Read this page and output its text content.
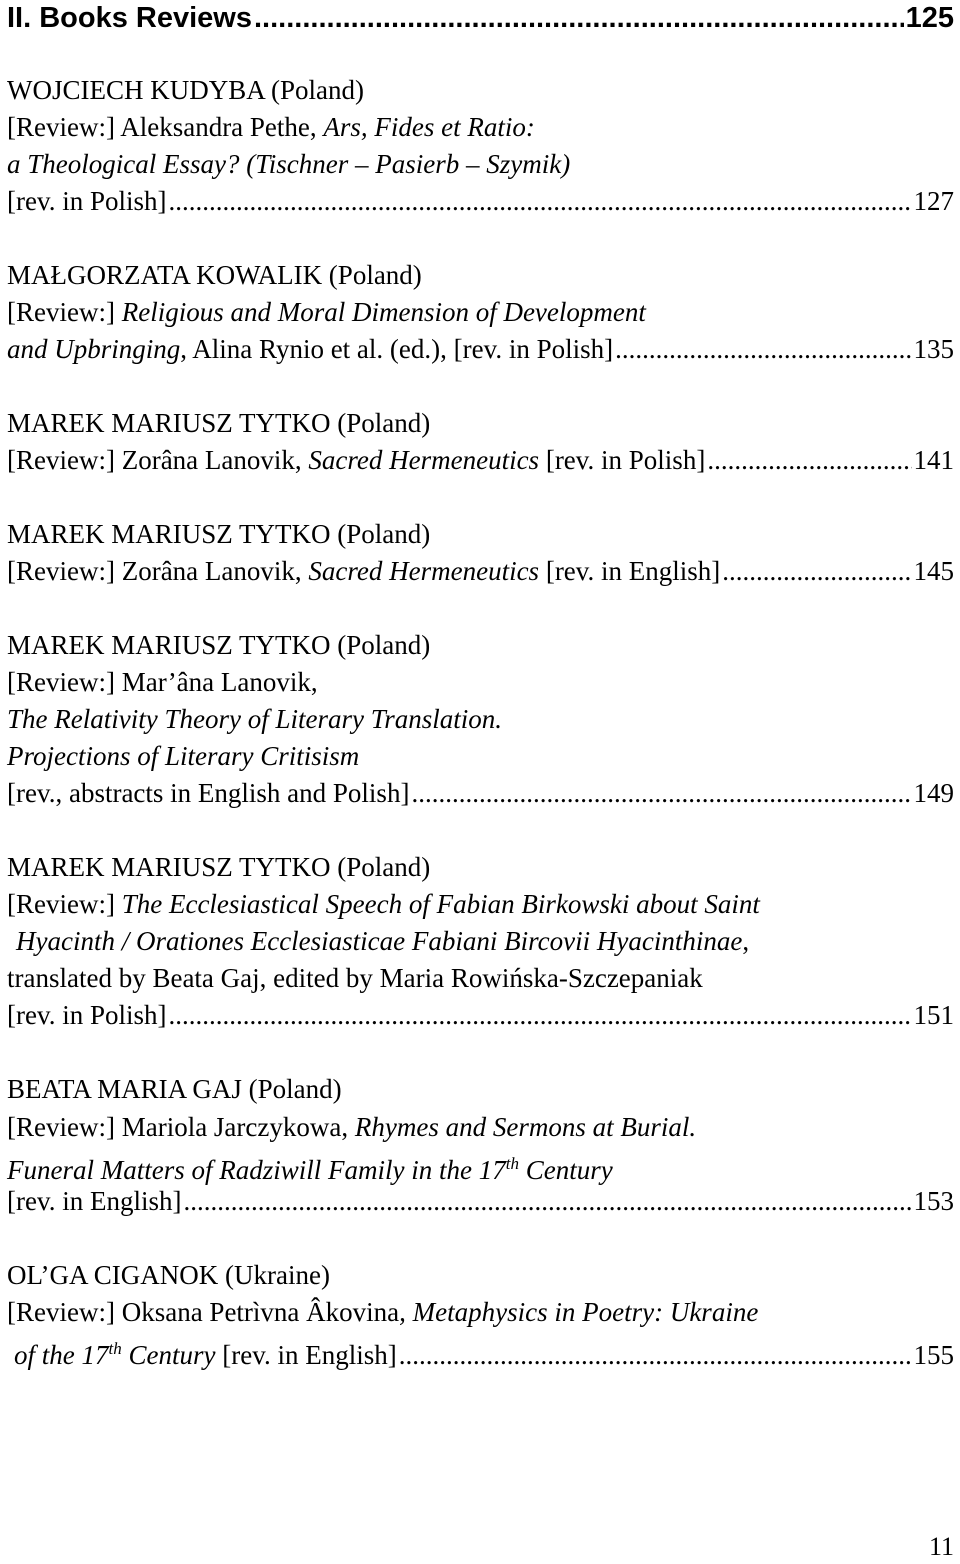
II. Books Reviews .....	125
WOJCIECH KUDYBA (Poland)
[Review:] Aleksandra Pethe, Ars, Fides et Ratio:
a Theological Essay? (Tischner – Pasierb – Szymik)
[rev. in Polish] .....	127
MAŁGORZATA KOWALIK (Poland)
[Review:] Religious and Moral Dimension of Development
and Upbringing, Alina Rynio et al. (ed.), [rev. in Polish] .....	135
MAREK MARIUSZ TYTKO (Poland)
[Review:] Zorâna Lanovik, Sacred Hermeneutics [rev. in Polish] .....	141
MAREK MARIUSZ TYTKO (Poland)
[Review:] Zorâna Lanovik, Sacred Hermeneutics [rev. in English] .....	145
MAREK MARIUSZ TYTKO (Poland)
[Review:] Mar’âna Lanovik,
The Relativity Theory of Literary Translation.
Projections of Literary Critisism
[rev., abstracts in English and Polish] .....	149
MAREK MARIUSZ TYTKO (Poland)
[Review:] The Ecclesiastical Speech of Fabian Birkowski about Saint
Hyacinth / Orationes Ecclesiasticae Fabiani Bircovii Hyacinthinae,
translated by Beata Gaj, edited by Maria Rowińska-Szczepaniak
[rev. in Polish] .....	151
BEATA MARIA GAJ (Poland)
[Review:] Mariola Jarczykowa, Rhymes and Sermons at Burial.
Funeral Matters of Radziwill Family in the 17th Century
[rev. in English] .....	153
OL’GA CIGANOK (Ukraine)
[Review:] Oksana Petrìvna Âkovina, Metaphysics in Poetry: Ukraine
of the 17th Century [rev. in English] .....	155
11
